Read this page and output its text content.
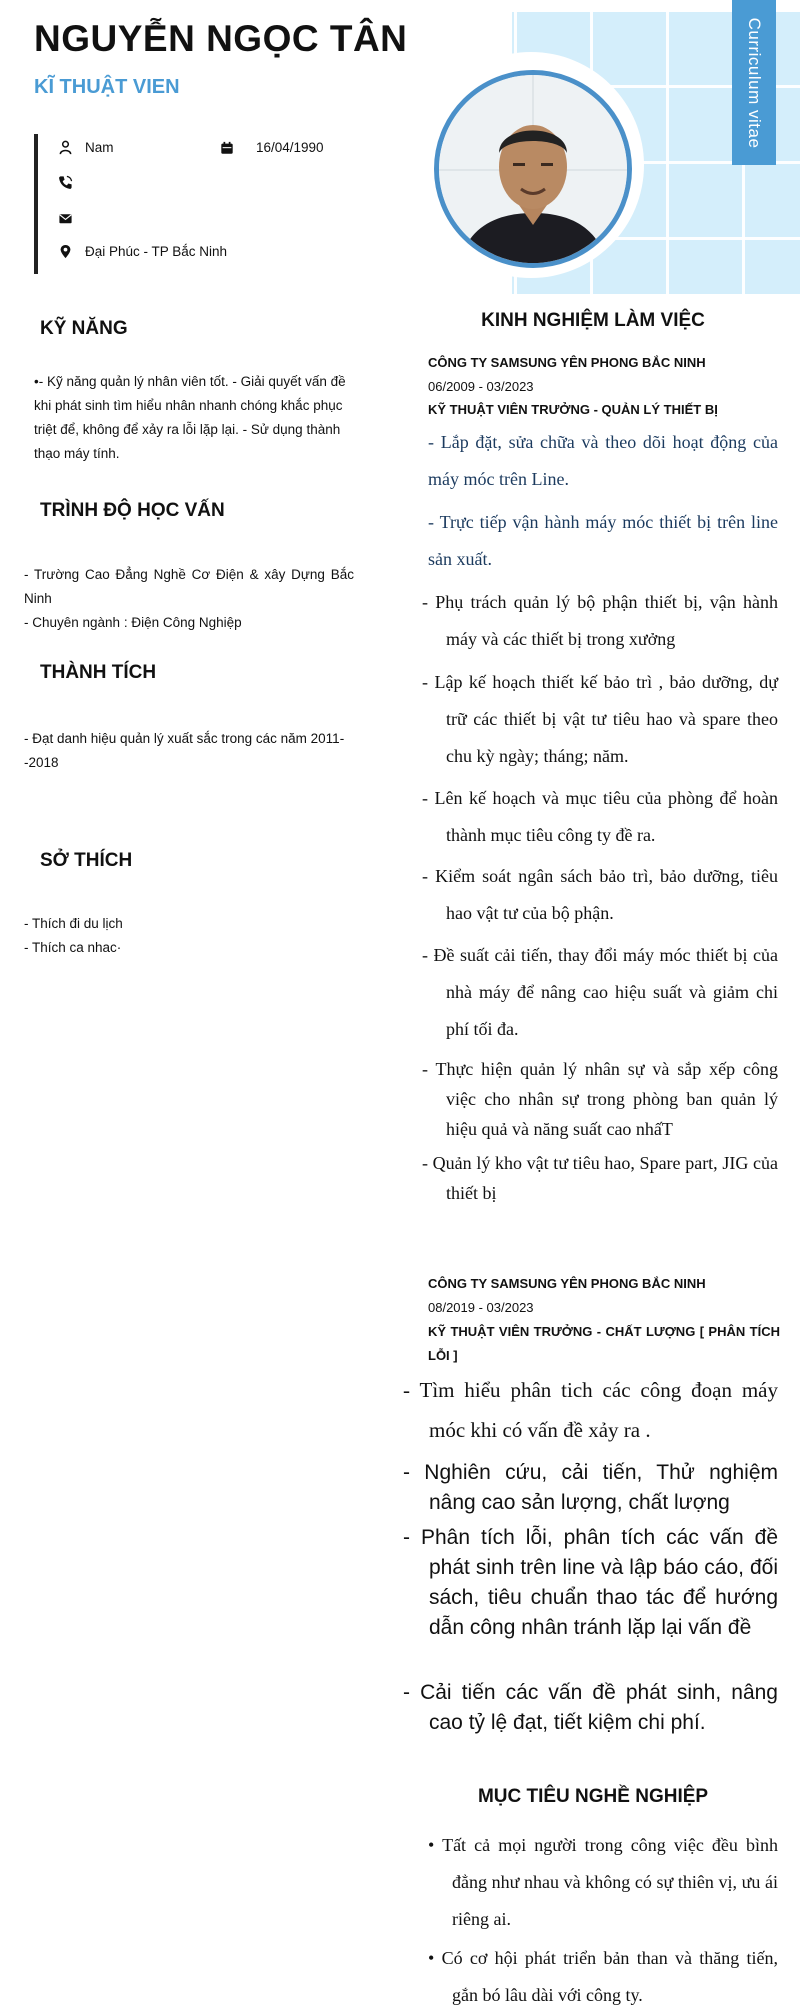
Curriculum vitae
NGUYỄN NGỌC TÂN
KĨ THUẬT VIEN
Nam	16/04/1990
Đại Phúc - TP Bắc Ninh
KỸ NĂNG
•- Kỹ năng quản lý nhân viên tốt. - Giải quyết vấn đề khi phát sinh tìm hiểu nhân nhanh chóng khắc phục triệt để, không để xảy ra lỗi lặp lại. - Sử dụng thành thạo máy tính.
TRÌNH ĐỘ HỌC VẤN
- Trường Cao Đẳng Nghề Cơ Điện & xây Dựng Bắc Ninh
- Chuyên ngành : Điện Công Nghiệp
THÀNH TÍCH
- Đạt danh hiệu quản lý xuất sắc trong các năm 2011--2018
SỞ THÍCH
- Thích đi du lịch
- Thích ca nhac·
KINH NGHIỆM LÀM VIỆC
CÔNG TY SAMSUNG YÊN PHONG BẮC NINH
06/2009 - 03/2023
KỸ THUẬT VIÊN TRƯỞNG - QUẢN LÝ THIẾT BỊ
- Lắp đặt, sửa chữa và theo dõi hoạt động của máy móc trên Line.
- Trực tiếp vận hành máy móc thiết bị trên line sản xuất.
- Phụ trách quản lý bộ phận thiết bị, vận hành máy và các thiết bị trong xưởng
- Lập kế hoạch thiết kế bảo trì , bảo dưỡng, dự trữ các thiết bị vật tư tiêu hao và spare theo chu kỳ ngày; tháng; năm.
- Lên kế hoạch và mục tiêu của phòng để hoàn thành mục tiêu công ty đề ra.
- Kiểm soát ngân sách bảo trì, bảo dưỡng, tiêu hao vật tư của bộ phận.
- Đề suất cải tiến, thay đổi máy móc thiết bị của nhà máy để nâng cao hiệu suất và giảm chi phí tối đa.
- Thực hiện quản lý nhân sự và sắp xếp công việc cho nhân sự trong phòng ban quản lý hiệu quả và năng suất cao nhấT
- Quản lý kho vật tư tiêu hao, Spare part, JIG của thiết bị
CÔNG TY SAMSUNG YÊN PHONG BẮC NINH
08/2019 - 03/2023
KỸ THUẬT VIÊN TRƯỞNG - CHẤT LƯỢNG [ PHÂN TÍCH LỖI ]
- Tìm hiểu phân tich các công đoạn máy móc khi có vấn đề xảy ra .
- Nghiên cứu, cải tiến, Thử nghiệm nâng cao sản lượng, chất lượng
- Phân tích lỗi, phân tích các vấn đề phát sinh trên line và lập báo cáo, đối sách, tiêu chuẩn thao tác để hướng dẫn công nhân tránh lặp lại vấn đề
- Cải tiến các vấn đề phát sinh, nâng cao tỷ lệ đạt, tiết kiệm chi phí.
MỤC TIÊU NGHỀ NGHIỆP
• Tất cả mọi người trong công việc đều bình đẳng như nhau và không có sự thiên vị, ưu ái riêng ai.
• Có cơ hội phát triển bản than và thăng tiến, gắn bó lâu dài với công ty.
